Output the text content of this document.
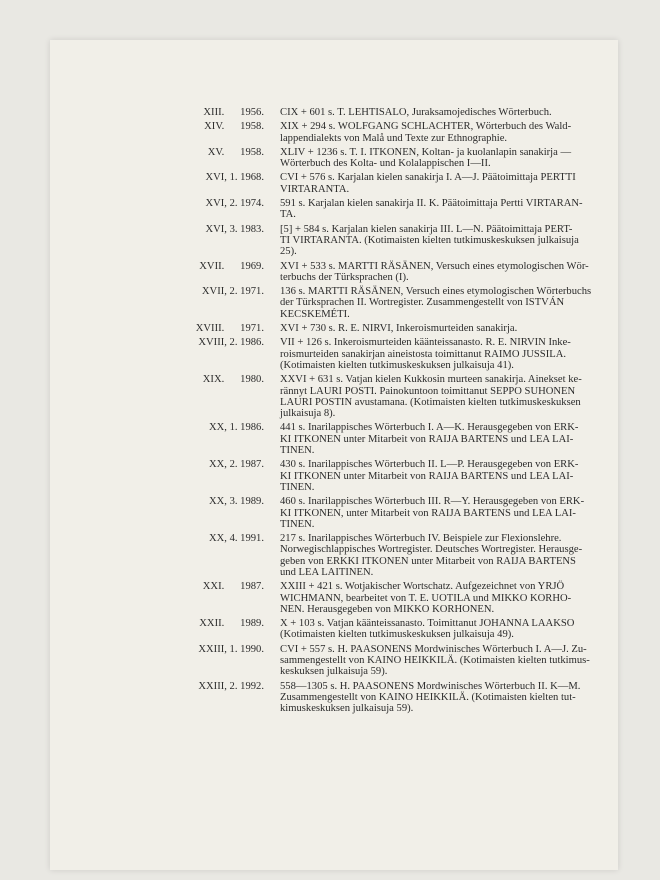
XIII.      1956. CIX + 601 s. T. LEHTISALO, Juraksamojedisches Wörterbuch.
XIV.      1958. XIX + 294 s. WOLFGANG SCHLACHTER, Wörterbuch des Wald-
lappendialekts von Malå und Texte zur Ethnographie.
XV.      1958. XLIV + 1236 s. T. I. ITKONEN, Koltan- ja kuolanlapin sanakirja —
Wörterbuch des Kolta- und Kolalappischen I—II.
XVI, 1. 1968. CVI + 576 s. Karjalan kielen sanakirja I. A—J. Päätoimittaja PERTTI
VIRTARANTA.
XVI, 2. 1974. 591 s. Karjalan kielen sanakirja II. K. Päätoimittaja Pertti VIRTARAN-
TA.
XVI, 3. 1983. [5] + 584 s. Karjalan kielen sanakirja III. L—N. Päätoimittaja PERT-
TI VIRTARANTA. (Kotimaisten kielten tutkimuskeskuksen julkaisuja
25).
XVII.      1969. XVI + 533 s. MARTTI RÄSÄNEN, Versuch eines etymologischen Wör-
terbuchs der Türksprachen (I).
XVII, 2. 1971. 136 s. MARTTI RÄSÄNEN, Versuch eines etymologischen Wörterbuchs
der Türksprachen II. Wortregister. Zusammengestellt von ISTVÁN
KECSKEMÉTI.
XVIII.      1971. XVI + 730 s. R. E. NIRVI, Inkeroismurteiden sanakirja.
XVIII, 2. 1986. VII + 126 s. Inkeroismurteiden käänteissanasto. R. E. NIRVIN Inke-
roismurteiden sanakirjan aineistosta toimittanut RAIMO JUSSILA.
(Kotimaisten kielten tutkimuskeskuksen julkaisuja 41).
XIX.      1980. XXVI + 631 s. Vatjan kielen Kukkosin murteen sanakirja. Ainekset ke-
rännyt LAURI POSTI. Painokuntoon toimittanut SEPPO SUHONEN
LAURI POSTIN avustamana. (Kotimaisten kielten tutkimuskeskuksen
julkaisuja 8).
XX, 1. 1986. 441 s. Inarilappisches Wörterbuch I. A—K. Herausgegeben von ERK-
KI ITKONEN unter Mitarbeit von RAIJA BARTENS und LEA LAI-
TINEN.
XX, 2. 1987. 430 s. Inarilappisches Wörterbuch II. L—P. Herausgegeben von ERK-
KI ITKONEN unter Mitarbeit von RAIJA BARTENS und LEA LAI-
TINEN.
XX, 3. 1989. 460 s. Inarilappisches Wörterbuch III. R—Y. Herausgegeben von ERK-
KI ITKONEN, unter Mitarbeit von RAIJA BARTENS und LEA LAI-
TINEN.
XX, 4. 1991. 217 s. Inarilappisches Wörterbuch IV. Beispiele zur Flexionslehre.
Norwegischlappisches Wortregister. Deutsches Wortregister. Herausge-
geben von ERKKI ITKONEN unter Mitarbeit von RAIJA BARTENS
und LEA LAITINEN.
XXI.      1987. XXIII + 421 s. Wotjakischer Wortschatz. Aufgezeichnet von YRJÖ
WICHMANN, bearbeitet von T. E. UOTILA und MIKKO KORHO-
NEN. Herausgegeben von MIKKO KORHONEN.
XXII.      1989. X + 103 s. Vatjan käänteissanasto. Toimittanut JOHANNA LAAKSO
(Kotimaisten kielten tutkimuskeskuksen julkaisuja 49).
XXIII, 1. 1990. CVI + 557 s. H. PAASONENS Mordwinisches Wörterbuch I. A—J. Zu-
sammengestellt von KAINO HEIKKILÄ. (Kotimaisten kielten tutkimus-
keskuksen julkaisuja 59).
XXIII, 2. 1992. 558—1305 s. H. PAASONENS Mordwinisches Wörterbuch II. K—M.
Zusammengestellt von KAINO HEIKKILÄ. (Kotimaisten kielten tut-
kimuskeskuksen julkaisuja 59).
